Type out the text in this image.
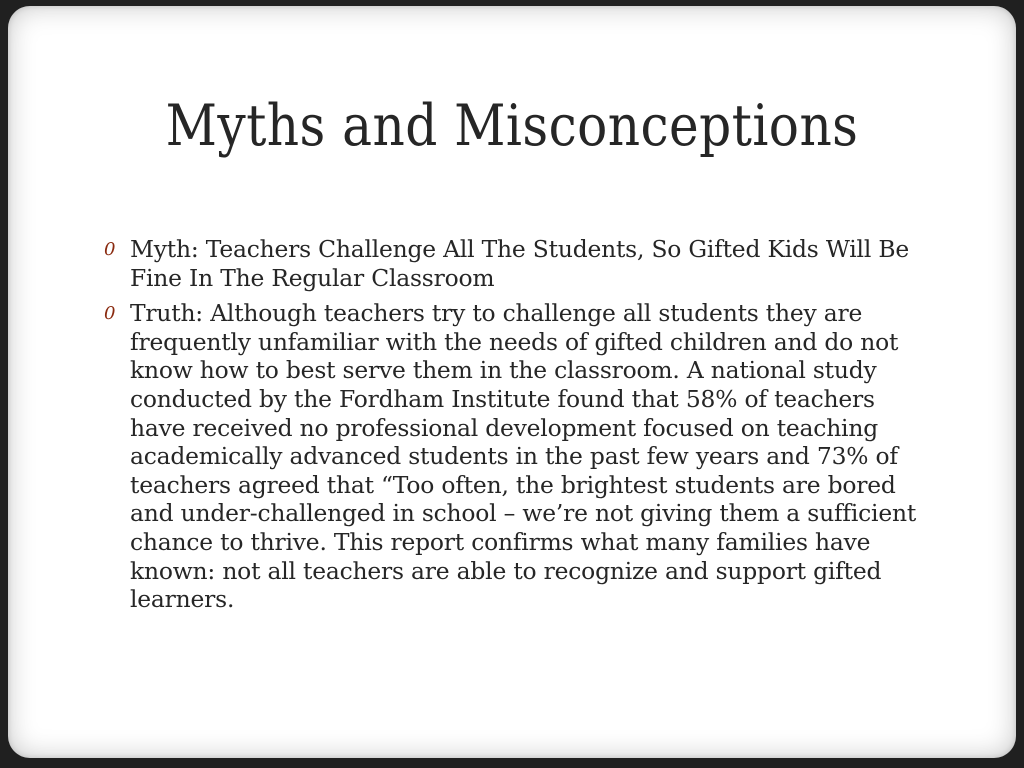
Myths and Misconceptions
0 Myth: Teachers Challenge All The Students, So Gifted Kids Will Be Fine In The Regular Classroom
0 Truth: Although teachers try to challenge all students they are frequently unfamiliar with the needs of gifted children and do not know how to best serve them in the classroom. A national study conducted by the Fordham Institute found that 58% of teachers have received no professional development focused on teaching academically advanced students in the past few years and 73% of teachers agreed that “Too often, the brightest students are bored and under-challenged in school – we’re not giving them a sufficient chance to thrive. This report confirms what many families have known: not all teachers are able to recognize and support gifted learners.
